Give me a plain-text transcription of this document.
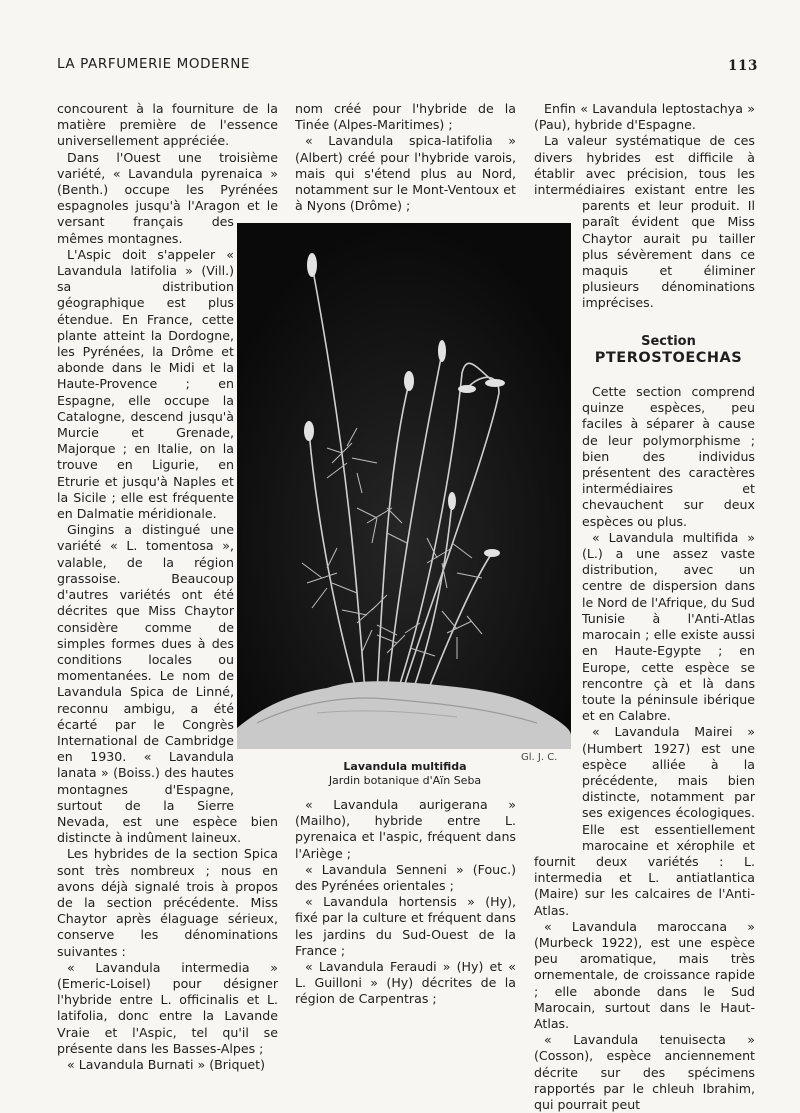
LA PARFUMERIE MODERNE	113

concourent à la fourniture de la matière première de l'essence universellement appréciée.

Dans l'Ouest une troisième variété, « Lavandula pyrenaica » (Benth.) occupe les Pyrénées espagnoles jusqu'à l'Aragon et le versant français des mêmes montagnes.

L'Aspic doit s'appeler « Lavandula latifolia » (Vill.) sa distribution géographique est plus étendue. En France, cette plante atteint la Dordogne, les Pyrénées, la Drôme et abonde dans le Midi et la Haute-Provence ; en Espagne, elle occupe la Catalogne, descend jusqu'à Murcie et Grenade, Majorque ; en Italie, on la trouve en Ligurie, en Etrurie et jusqu'à Naples et la Sicile ; elle est fréquente en Dalmatie méridionale.

Gingins a distingué une variété « L. tomentosa », valable, de la région grassoise. Beaucoup d'autres variétés ont été décrites que Miss Chaytor considère comme de simples formes dues à des conditions locales ou momentanées. Le nom de Lavandula Spica de Linné, reconnu ambigu, a été écarté par le Congrès International de Cambridge en 1930. « Lavandula lanata » (Boiss.) des hautes montagnes d'Espagne, surtout de la Sierre Nevada, est une espèce bien distincte à indûment laineux.

Les hybrides de la section Spica sont très nombreux ; nous en avons déjà signalé trois à propos de la section précédente. Miss Chaytor après élaguage sérieux, conserve les dénominations suivantes :

« Lavandula intermedia » (Emeric-Loisel) pour désigner l'hybride entre L. officinalis et L. latifolia, donc entre la Lavande Vraie et l'Aspic, tel qu'il se présente dans les Basses-Alpes ;

« Lavandula Burnati » (Briquet)

nom créé pour l'hybride de la Tinée (Alpes-Maritimes) ;

« Lavandula spica-latifolia » (Albert) créé pour l'hybride varois, mais qui s'étend plus au Nord, notamment sur le Mont-Ventoux et à Nyons (Drôme) ;

Lavandula multifida
Jardin botanique d'Aïn Seba
Gl. J. C.

« Lavandula aurigerana » (Mailho), hybride entre L. pyrenaica et l'aspic, fréquent dans l'Ariège ;

« Lavandula Senneni » (Fouc.) des Pyrénées orientales ;

« Lavandula hortensis » (Hy), fixé par la culture et fréquent dans les jardins du Sud-Ouest de la France ;

« Lavandula Feraudi » (Hy) et « L. Guilloni » (Hy) décrites de la région de Carpentras ;

Enfin « Lavandula leptostachya » (Pau), hybride d'Espagne.

La valeur systématique de ces divers hybrides est difficile à établir avec précision, tous les intermédiaires existant entre les parents et leur produit. Il paraît évident que Miss Chaytor aurait pu tailler plus sévèrement dans ce maquis et éliminer plusieurs dénominations imprécises.

Section
PTEROSTOECHAS

Cette section comprend quinze espèces, peu faciles à séparer à cause de leur polymorphisme ; bien des individus présentent des caractères intermédiaires et chevauchent sur deux espèces ou plus.

« Lavandula multifida » (L.) a une assez vaste distribution, avec un centre de dispersion dans le Nord de l'Afrique, du Sud Tunisie à l'Anti-Atlas marocain ; elle existe aussi en Haute-Egypte ; en Europe, cette espèce se rencontre çà et là dans toute la péninsule ibérique et en Calabre.

« Lavandula Mairei » (Humbert 1927) est une espèce alliée à la précédente, mais bien distincte, notamment par ses exigences écologiques. Elle est essentiellement marocaine et xérophile et fournit deux variétés : L. intermedia et L. antiatlantica (Maire) sur les calcaires de l'Anti-Atlas.

« Lavandula maroccana » (Murbeck 1922), est une espèce peu aromatique, mais très ornementale, de croissance rapide ; elle abonde dans le Sud Marocain, surtout dans le Haut-Atlas.

« Lavandula tenuisecta » (Cosson), espèce anciennement décrite sur des spécimens rapportés par le chleuh Ibrahim, qui pourrait peut
